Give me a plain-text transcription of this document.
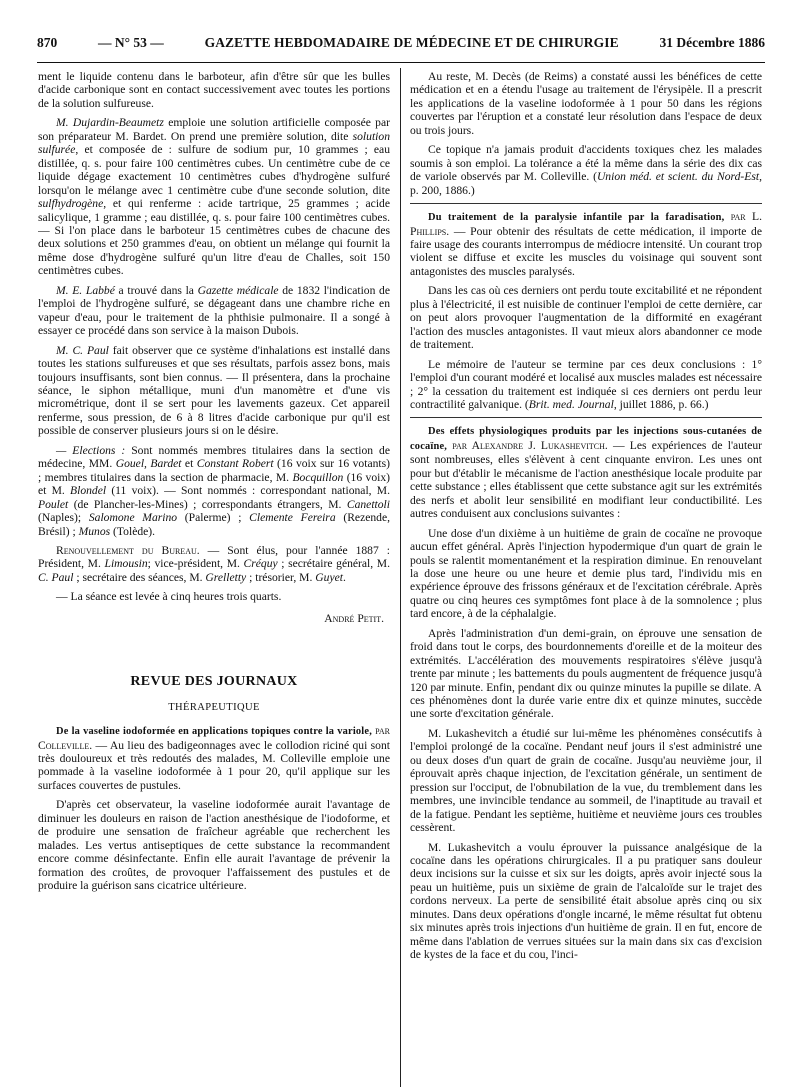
870	— N° 53 —	GAZETTE HEBDOMADAIRE DE MÉDECINE ET DE CHIRURGIE	31 Décembre 1886

ment le liquide contenu dans le barboteur, afin d'être sûr que les bulles d'acide carbonique sont en contact successivement avec toutes les portions de la solution sulfureuse.

M. Dujardin-Beaumetz emploie une solution artificielle composée par son préparateur M. Bardet. On prend une première solution, dite solution sulfurée, et composée de : sulfure de sodium pur, 10 grammes ; eau distillée, q. s. pour faire 100 centimètres cubes. Un centimètre cube de ce liquide dégage exactement 10 centimètres cubes d'hydrogène sulfuré lorsqu'on le mélange avec 1 centimètre cube d'une seconde solution, dite sulfhydrogène, et qui renferme : acide tartrique, 25 grammes ; acide salicylique, 1 gramme ; eau distillée, q. s. pour faire 100 centimètres cubes. — Si l'on place dans le barboteur 15 centimètres cubes de chacune des deux solutions et 250 grammes d'eau, on obtient un mélange qui fournit la même dose d'hydrogène sulfuré qu'un litre d'eau de Challes, soit 150 centimètres cubes.

M. E. Labbé a trouvé dans la Gazette médicale de 1832 l'indication de l'emploi de l'hydrogène sulfuré, se dégageant dans une chambre riche en vapeur d'eau, pour le traitement de la phthisie pulmonaire. Il a songé à essayer ce procédé dans son service à la maison Dubois.

M. C. Paul fait observer que ce système d'inhalations est installé dans toutes les stations sulfureuses et que ses résultats, parfois assez bons, mais toujours insuffisants, sont bien connus. — Il présentera, dans la prochaine séance, le siphon métallique, muni d'un manomètre et d'une vis micrométrique, dont il se sert pour les lavements gazeux. Cet appareil renferme, sous pression, de 6 à 8 litres d'acide carbonique pur qu'il est possible de conserver plusieurs jours si on le désire.

— Elections : Sont nommés membres titulaires dans la section de médecine, MM. Gouel, Bardet et Constant Robert (16 voix sur 16 votants) ; membres titulaires dans la section de pharmacie, M. Bocquillon (16 voix) et M. Blondel (11 voix). — Sont nommés : correspondant national, M. Poulet (de Plancher-les-Mines) ; correspondants étrangers, M. Canettoli (Naples); Salomone Marino (Palerme) ; Clemente Fereira (Rezende, Brésil) ; Munos (Tolède).

Renouvellement du Bureau. — Sont élus, pour l'année 1887 : Président, M. Limousin; vice-président, M. Créquy ; secrétaire général, M. C. Paul ; secrétaire des séances, M. Grelletty ; trésorier, M. Guyet.

— La séance est levée à cinq heures trois quarts.

André Petit.

REVUE DES JOURNAUX
THÉRAPEUTIQUE

De la vaseline iodoformée en applications topiques contre la variole, par Colleville. — Au lieu des badigeonnages avec le collodion riciné qui sont très douloureux et très redoutés des malades, M. Colleville emploie une pommade à la vaseline iodoformée à 1 pour 20, qu'il applique sur les surfaces couvertes de pustules.

D'après cet observateur, la vaseline iodoformée aurait l'avantage de diminuer les douleurs en raison de l'action anesthésique de l'iodoforme, et de produire une sensation de fraîcheur agréable que recherchent les malades. Les vertus antiseptiques de cette substance la recommandent encore comme désinfectante. Enfin elle aurait l'avantage de prévenir la formation des croûtes, de provoquer l'affaissement des pustules et de produire la guérison sans cicatrice ultérieure.

Au reste, M. Decès (de Reims) a constaté aussi les bénéfices de cette médication et en a étendu l'usage au traitement de l'érysipèle. Il a prescrit les applications de la vaseline iodoformée à 1 pour 50 dans les régions couvertes par l'éruption et a constaté leur résolution dans l'espace de deux ou trois jours.

Ce topique n'a jamais produit d'accidents toxiques chez les malades soumis à son emploi. La tolérance a été la même dans la série des dix cas de variole observés par M. Colleville. (Union méd. et scient. du Nord-Est, p. 200, 1886.)

Du traitement de la paralysie infantile par la faradisation, par L. Phillips. — Pour obtenir des résultats de cette médication, il importe de faire usage des courants interrompus de médiocre intensité. Un courant trop violent se diffuse et excite les muscles du voisinage qui souvent sont antagonistes des muscles paralysés.

Dans les cas où ces derniers ont perdu toute excitabilité et ne répondent plus à l'électricité, il est nuisible de continuer l'emploi de cette dernière, car on peut alors provoquer l'augmentation de la difformité en exagérant l'action des muscles antagonistes. Il vaut mieux alors abandonner ce mode de traitement.

Le mémoire de l'auteur se termine par ces deux conclusions : 1° l'emploi d'un courant modéré et localisé aux muscles malades est nécessaire ; 2° la cessation du traitement est indiquée si ces derniers ont perdu leur contractilité galvanique. (Brit. med. Journal, juillet 1886, p. 66.)

Des effets physiologiques produits par les injections sous-cutanées de cocaïne, par Alexandre J. Lukashevitch. — Les expériences de l'auteur sont nombreuses, elles s'élèvent à cent cinquante environ. Les unes ont pour but d'établir le mécanisme de l'action anesthésique locale produite par cette substance ; elles établissent que cette substance agit sur les extrémités des nerfs et abolit leur sensibilité en modifiant leur conductibilité. Les autres conduisent aux conclusions suivantes :

Une dose d'un dixième à un huitième de grain de cocaïne ne provoque aucun effet général. Après l'injection hypodermique d'un quart de grain le pouls se ralentit momentanément et la respiration diminue. En renouvelant la dose une heure ou une heure et demie plus tard, l'individu mis en expérience éprouve des frissons généraux et de l'excitation cérébrale. Après quatre ou cinq heures ces symptômes font place à de la somnolence ; plus tard encore, à de la céphalalgie.

Après l'administration d'un demi-grain, on éprouve une sensation de froid dans tout le corps, des bourdonnements d'oreille et de la moiteur des extrémités. L'accélération des mouvements respiratoires s'élève jusqu'à trente par minute ; les battements du pouls augmentent de fréquence jusqu'à 120 par minute. Enfin, pendant dix ou quinze minutes la pupille se dilate. A ces phénomènes dont la durée varie entre dix et quinze minutes, succède une sorte d'excitation générale.

M. Lukashevitch a étudié sur lui-même les phénomènes consécutifs à l'emploi prolongé de la cocaïne. Pendant neuf jours il s'est administré une ou deux doses d'un quart de grain de cocaïne. Jusqu'au neuvième jour, il éprouvait après chaque injection, de l'excitation générale, un sentiment de pression sur l'occiput, de l'obnubilation de la vue, du tremblement dans les membres, une invincible tendance au sommeil, de l'inaptitude au travail et de la fatigue. Pendant les septième, huitième et neuvième jours ces troubles cessèrent.

M. Lukashevitch a voulu éprouver la puissance analgésique de la cocaïne dans les opérations chirurgicales. Il a pu pratiquer sans douleur deux incisions sur la cuisse et six sur les doigts, après avoir injecté sous la peau un huitième, puis un sixième de grain de l'alcaloïde sur le trajet des cordons nerveux. La perte de sensibilité était absolue après cinq ou six minutes. Dans deux opérations d'ongle incarné, le même résultat fut obtenu six minutes après trois injections d'un huitième de grain. Il en fut, encore de même dans l'ablation de verrues situées sur la main dans six cas d'excision de kystes de la face et du cou, l'inci-
